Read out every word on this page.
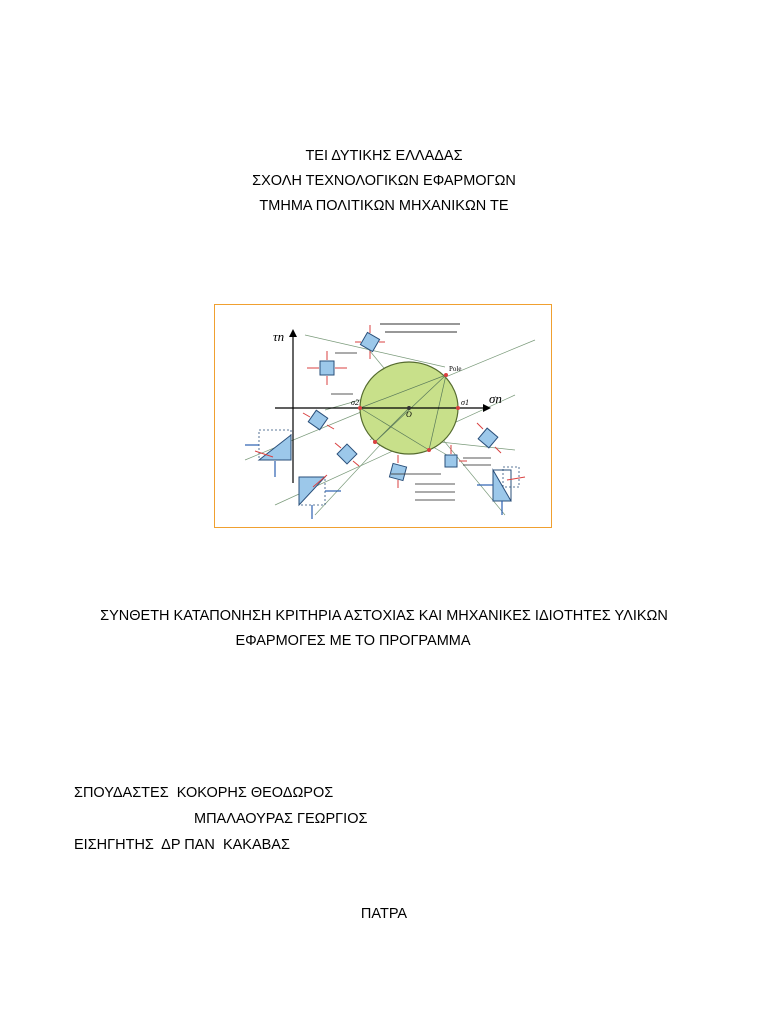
ΤΕΙ ΔΥΤΙΚΗΣ ΕΛΛΑΔΑΣ
ΣΧΟΛΗ ΤΕΧΝΟΛΟΓΙΚΩΝ ΕΦΑΡΜΟΓΩΝ
ΤΜΗΜΑ ΠΟΛΙΤΙΚΩΝ ΜΗΧΑΝΙΚΩΝ ΤΕ
τn
σn
Pole
σ1
σ2
O
ΣΥΝΘΕΤΗ ΚΑΤΑΠΟΝΗΣΗ ΚΡΙΤΗΡΙΑ ΑΣΤΟΧΙΑΣ ΚΑΙ ΜΗΧΑΝΙΚΕΣ ΙΔΙΟΤΗΤΕΣ ΥΛΙΚΩΝ
ΕΦΑΡΜΟΓΕΣ ΜΕ ΤΟ ΠΡΟΓΡΑΜΜΑ
ΣΠΟΥΔΑΣΤΕΣ ΚΟΚΟΡΗΣ ΘΕΟΔΩΡΟΣ
ΜΠΑΛΑΟΥΡΑΣ ΓΕΩΡΓΙΟΣ
ΕΙΣΗΓΗΤΗΣ ΔΡ ΠΑΝ  ΚΑΚΑΒΑΣ
ΠΑΤΡΑ
